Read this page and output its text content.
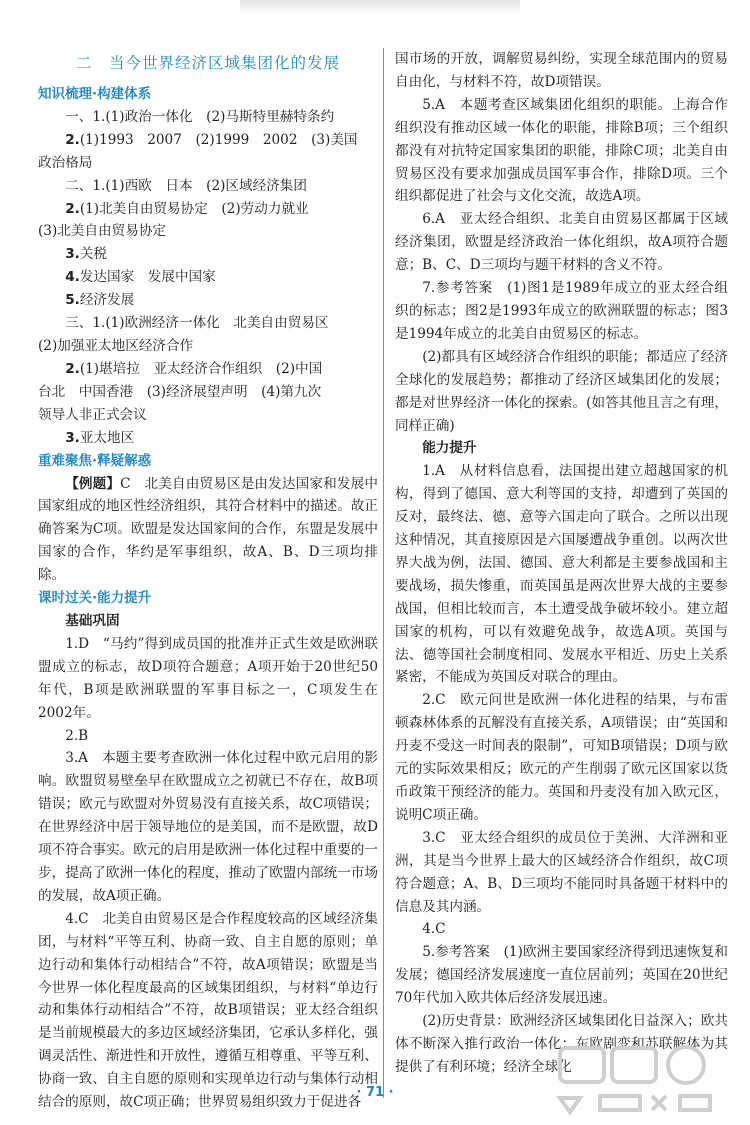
二　当今世界经济区域集团化的发展

知识梳理·构建体系

一、1.(1)政治一体化　(2)马斯特里赫特条约

2.(1)1993　2007　(2)1999　2002　(3)美国

政治格局

二、1.(1)西欧　日本　(2)区域经济集团

2.(1)北美自由贸易协定　(2)劳动力就业

(3)北美自由贸易协定

3.关税

4.发达国家　发展中国家

5.经济发展

三、1.(1)欧洲经济一体化　北美自由贸易区

(2)加强亚太地区经济合作

2.(1)堪培拉　亚太经济合作组织　(2)中国

台北　中国香港　(3)经济展望声明　(4)第九次

领导人非正式会议

3.亚太地区

重难聚焦·释疑解惑

【例题】C　北美自由贸易区是由发达国家和发展中国家组成的地区性经济组织，其符合材料中的描述。故正确答案为C项。欧盟是发达国家间的合作，东盟是发展中国家的合作，华约是军事组织，故A、B、D三项均排除。

课时过关·能力提升

基础巩固

1.D　“马约”得到成员国的批准并正式生效是欧洲联盟成立的标志，故D项符合题意；A项开始于20世纪50年代，B项是欧洲联盟的军事目标之一，C项发生在2002年。

2.B

3.A　本题主要考查欧洲一体化过程中欧元启用的影响。欧盟贸易壁垒早在欧盟成立之初就已不存在，故B项错误；欧元与欧盟对外贸易没有直接关系，故C项错误；在世界经济中居于领导地位的是美国，而不是欧盟，故D项不符合事实。欧元的启用是欧洲一体化过程中重要的一步，提高了欧洲一体化的程度，推动了欧盟内部统一市场的发展，故A项正确。

4.C　北美自由贸易区是合作程度较高的区域经济集团，与材料“平等互利、协商一致、自主自愿的原则；单边行动和集体行动相结合”不符，故A项错误；欧盟是当今世界一体化程度最高的区域集团组织，与材料“单边行动和集体行动相结合”不符，故B项错误；亚太经合组织是当前规模最大的多边区域经济集团，它承认多样化，强调灵活性、渐进性和开放性，遵循互相尊重、平等互利、协商一致、自主自愿的原则和实现单边行动与集体行动相结合的原则，故C项正确；世界贸易组织致力于促进各

国市场的开放，调解贸易纠纷，实现全球范围内的贸易自由化，与材料不符，故D项错误。

5.A　本题考查区域集团化组织的职能。上海合作组织没有推动区域一体化的职能，排除B项；三个组织都没有对抗特定国家集团的职能，排除C项；北美自由贸易区没有要求加强成员国军事合作，排除D项。三个组织都促进了社会与文化交流，故选A项。

6.A　亚太经合组织、北美自由贸易区都属于区域经济集团，欧盟是经济政治一体化组织，故A项符合题意；B、C、D三项均与题干材料的含义不符。

7.参考答案　(1)图1是1989年成立的亚太经合组织的标志；图2是1993年成立的欧洲联盟的标志；图3是1994年成立的北美自由贸易区的标志。

(2)都具有区域经济合作组织的职能；都适应了经济全球化的发展趋势；都推动了经济区域集团化的发展；都是对世界经济一体化的探索。(如答其他且言之有理，同样正确)

能力提升

1.A　从材料信息看，法国提出建立超越国家的机构，得到了德国、意大利等国的支持，却遭到了英国的反对，最终法、德、意等六国走向了联合。之所以出现这种情况，其直接原因是六国屡遭战争重创。以两次世界大战为例，法国、德国、意大利都是主要参战国和主要战场，损失惨重，而英国虽是两次世界大战的主要参战国，但相比较而言，本土遭受战争破坏较小。建立超国家的机构，可以有效避免战争，故选A项。英国与法、德等国社会制度相同、发展水平相近、历史上关系紧密，不能成为英国反对联合的理由。

2.C　欧元问世是欧洲一体化进程的结果，与布雷顿森林体系的瓦解没有直接关系，A项错误；由“英国和丹麦不受这一时间表的限制”，可知B项错误；D项与欧元的实际效果相反；欧元的产生削弱了欧元区国家以货币政策干预经济的能力。英国和丹麦没有加入欧元区，说明C项正确。

3.C　亚太经合组织的成员位于美洲、大洋洲和亚洲，其是当今世界上最大的区域经济合作组织，故C项符合题意；A、B、D三项均不能同时具备题干材料中的信息及其内涵。

4.C

5.参考答案　(1)欧洲主要国家经济得到迅速恢复和发展；德国经济发展速度一直位居前列；英国在20世纪70年代加入欧共体后经济发展迅速。

(2)历史背景：欧洲经济区域集团化日益深入；欧共体不断深入推行政治一体化；东欧剧变和苏联解体为其提供了有利环境；经济全球化

· 71 ·
